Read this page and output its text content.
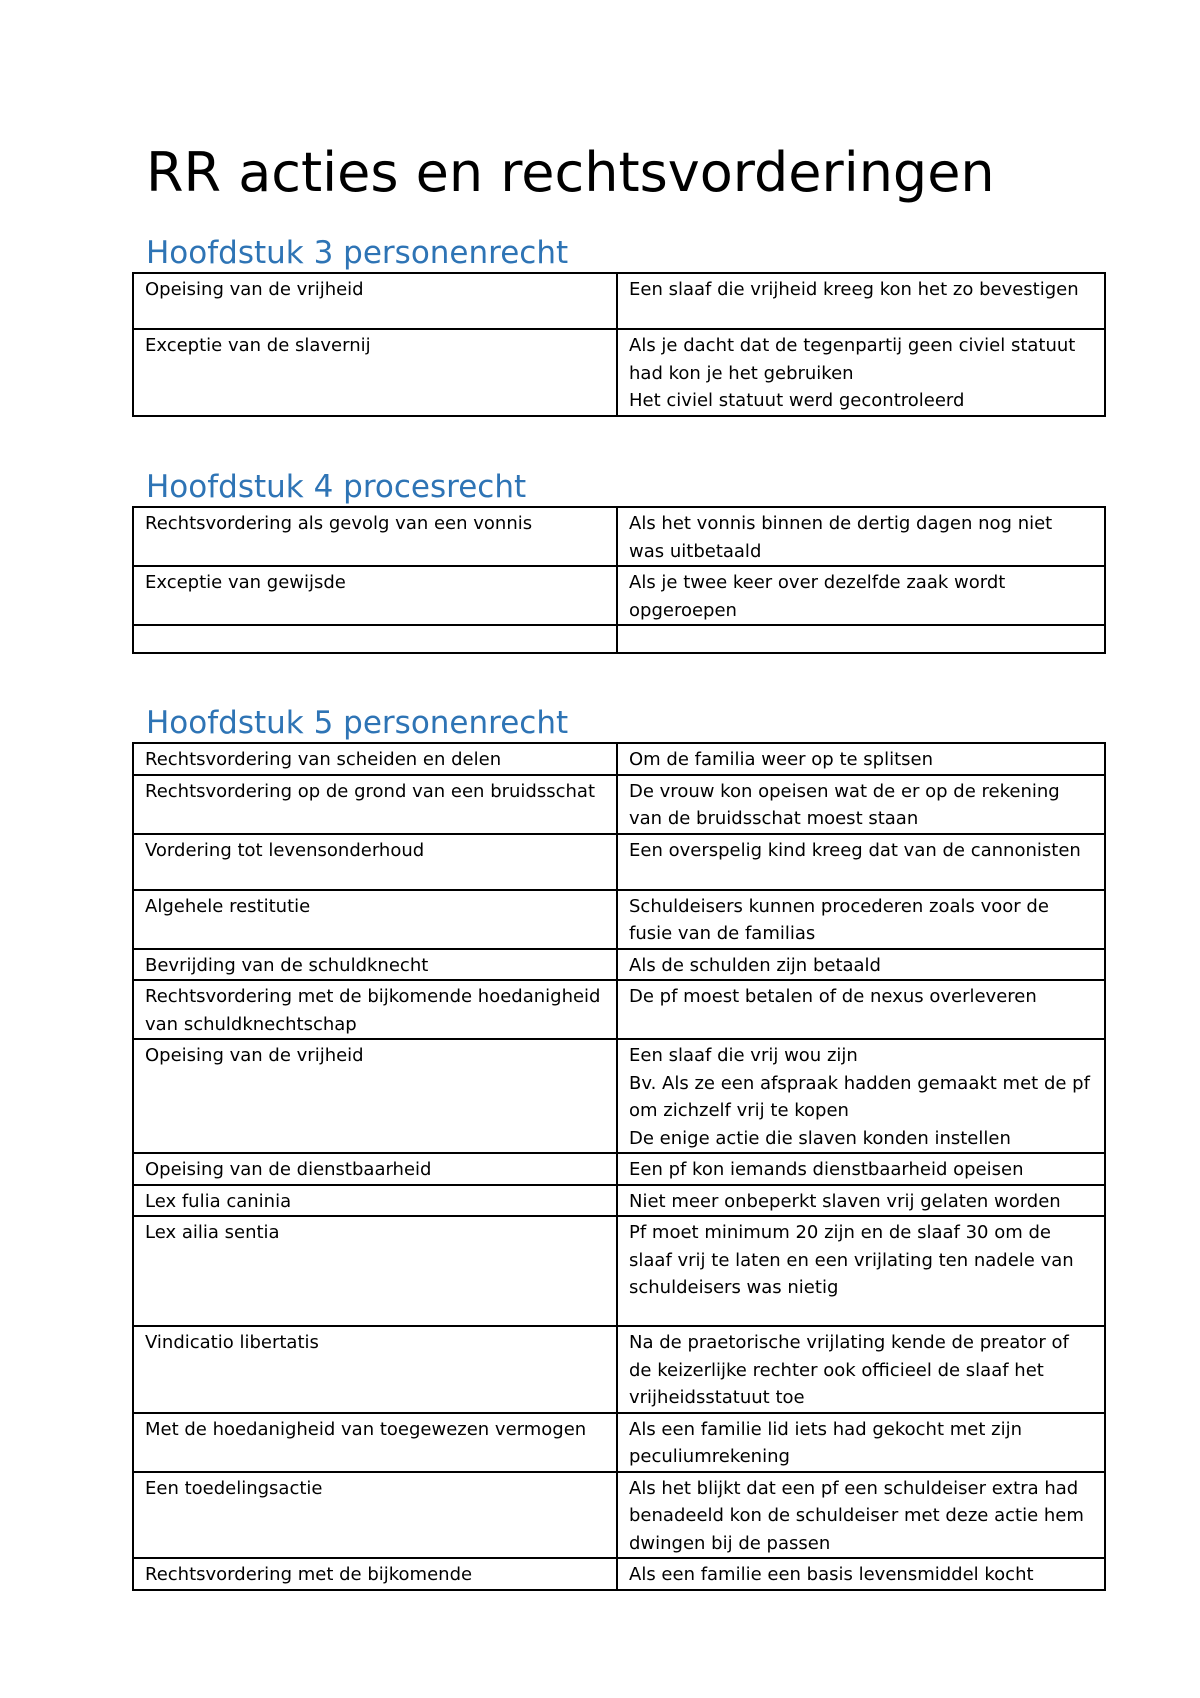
RR acties en rechtsvorderingen
Hoofdstuk 3 personenrecht
Opeising van de vrijheid	Een slaaf die vrijheid kreeg kon het zo bevestigen

Exceptie van de slavernij	Als je dacht dat de tegenpartij geen civiel statuut had kon je het gebruiken
Het civiel statuut werd gecontroleerd
Hoofdstuk 4 procesrecht
Rechtsvordering als gevolg van een vonnis	Als het vonnis binnen de dertig dagen nog niet was uitbetaald

Exceptie van gewijsde	Als je twee keer over dezelfde zaak wordt opgeroepen

Hoofdstuk 5 personenrecht
Rechtsvordering van scheiden en delen	Om de familia weer op te splitsen

Rechtsvordering op de grond van een bruidsschat	De vrouw kon opeisen wat de er op de rekening van de bruidsschat moest staan

Vordering tot levensonderhoud	Een overspelig kind kreeg dat van de cannonisten

Algehele restitutie	Schuldeisers kunnen procederen zoals voor de fusie van de familias

Bevrijding van de schuldknecht	Als de schulden zijn betaald

Rechtsvordering met de bijkomende hoedanigheid van schuldknechtschap	De pf moest betalen of de nexus overleveren

Opeising van de vrijheid	Een slaaf die vrij wou zijn
Bv. Als ze een afspraak hadden gemaakt met de pf om zichzelf vrij te kopen
De enige actie die slaven konden instellen

Opeising van de dienstbaarheid	Een pf kon iemands dienstbaarheid opeisen

Lex fulia caninia	Niet meer onbeperkt slaven vrij gelaten worden

Lex ailia sentia	Pf moet minimum 20 zijn en de slaaf 30 om de slaaf vrij te laten en een vrijlating ten nadele van schuldeisers was nietig

Vindicatio libertatis	Na de praetorische vrijlating kende de preator of de keizerlijke rechter ook officieel de slaaf het vrijheidsstatuut toe

Met de hoedanigheid van toegewezen vermogen	Als een familie lid iets had gekocht met zijn peculiumrekening

Een toedelingsactie	Als het blijkt dat een pf een schuldeiser extra had benadeeld kon de schuldeiser met deze actie hem dwingen bij de passen

Rechtsvordering met de bijkomende	Als een familie een basis levensmiddel kocht
